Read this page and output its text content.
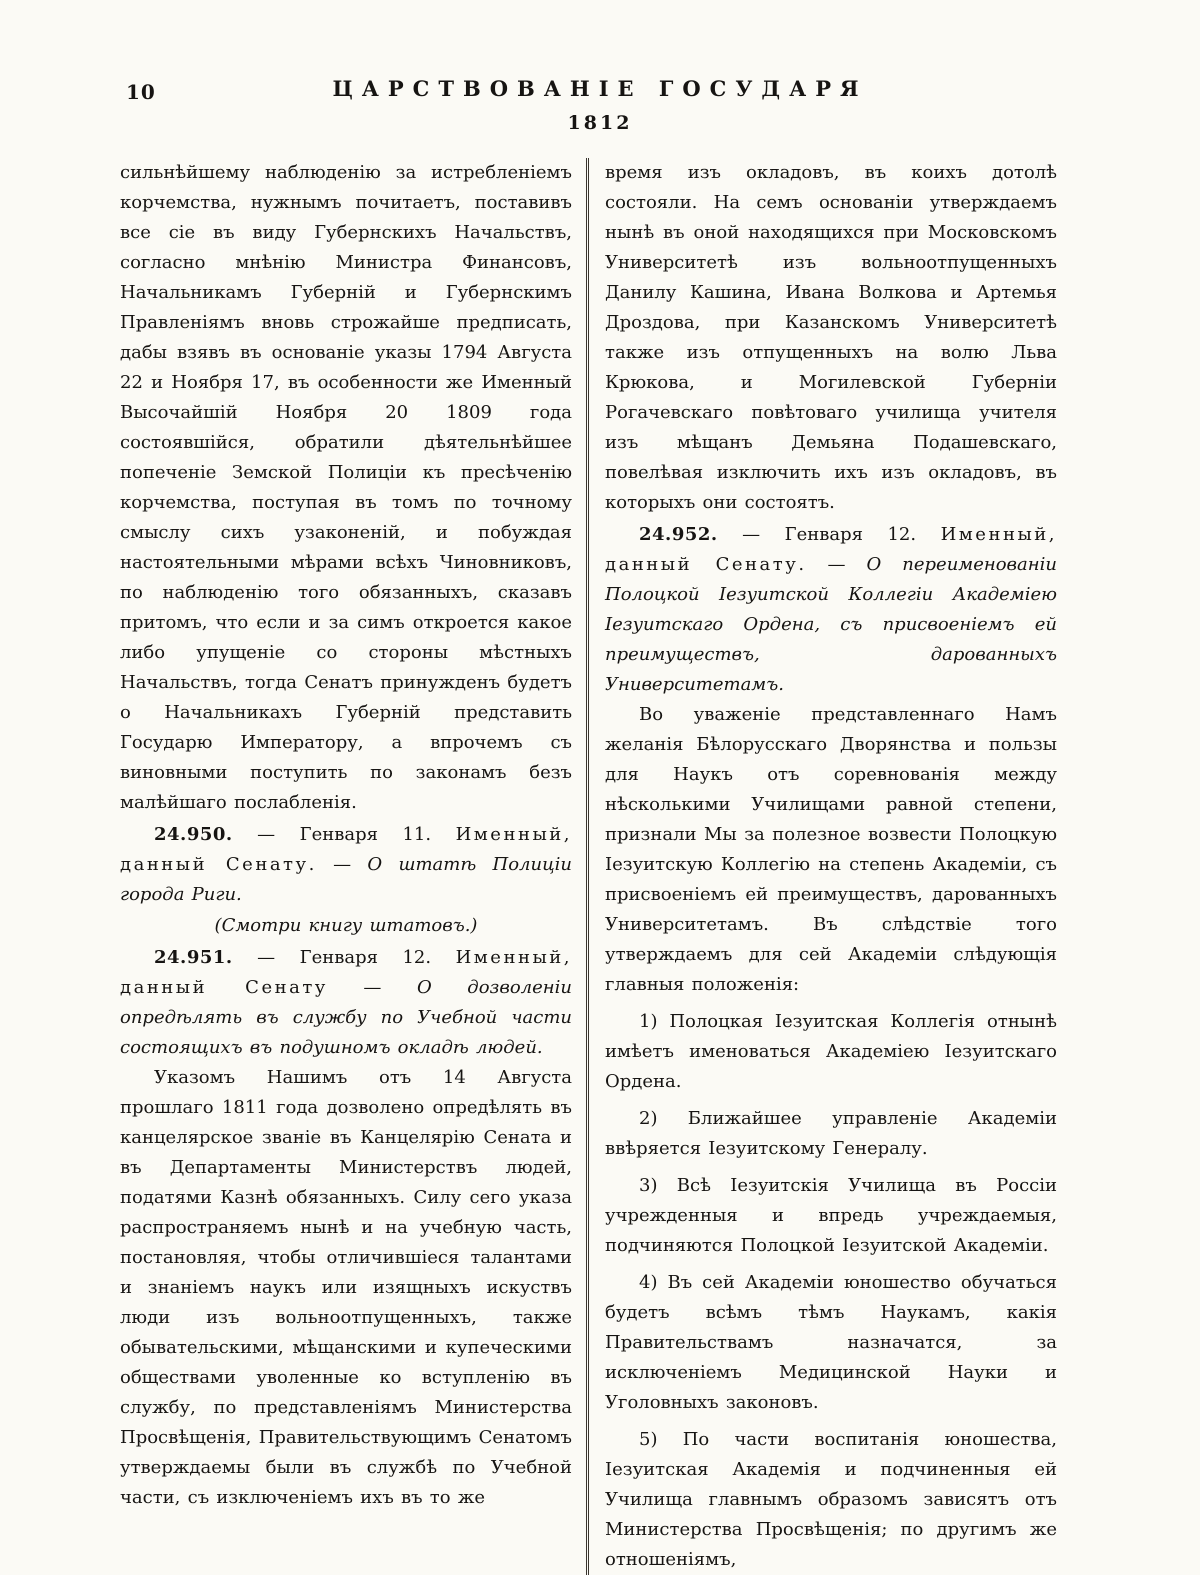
10	ЦАРСТВОВАНІЕ ГОСУДАРЯ
1812

сильнѣйшему наблюденію за истребленіемъ корчемства, нужнымъ почитаетъ, поставивъ все сіе въ виду Губернскихъ Начальствъ, согласно мнѣнію Министра Финансовъ, Начальникамъ Губерній и Губернскимъ Правленіямъ вновь строжайше предписать, дабы взявъ въ основаніе указы 1794 Августа 22 и Ноября 17, въ особенности же Именный Высочайшій Ноября 20 1809 года состоявшійся, обратили дѣятельнѣйшее попеченіе Земской Полиціи къ пресѣченію корчемства, поступая въ томъ по точному смыслу сихъ узаконеній, и побуждая настоятельными мѣрами всѣхъ Чиновниковъ, по наблюденію того обязанныхъ, сказавъ притомъ, что если и за симъ откроется какое либо упущеніе со стороны мѣстныхъ Начальствъ, тогда Сенатъ принужденъ будетъ о Начальникахъ Губерній представить Государю Императору, а впрочемъ съ виновными поступить по законамъ безъ малѣйшаго послабленія.

24.950. — Генваря 11. Именный, данный Сенату. — О штатѣ Полиціи города Риги.

(Смотри книгу штатовъ.)

24.951. — Генваря 12. Именный, данный Сенату — О дозволеніи опредѣлять въ службу по Учебной части состоящихъ въ подушномъ окладѣ людей.

Указомъ Нашимъ отъ 14 Августа прошлаго 1811 года дозволено опредѣлять въ канцелярское званіе въ Канцелярію Сената и въ Департаменты Министерствъ людей, податями Казнѣ обязанныхъ. Силу сего указа распространяемъ нынѣ и на учебную часть, постановляя, чтобы отличившіеся талантами и знаніемъ наукъ или изящныхъ искуствъ люди изъ вольноотпущенныхъ, также обывательскими, мѣщанскими и купеческими обществами уволенные ко вступленію въ службу, по представленіямъ Министерства Просвѣщенія, Правительствующимъ Сенатомъ утверждаемы были въ службѣ по Учебной части, съ изключеніемъ ихъ въ то же

время изъ окладовъ, въ коихъ дотолѣ состояли. На семъ основаніи утверждаемъ нынѣ въ оной находящихся при Московскомъ Университетѣ изъ вольноотпущенныхъ Данилу Кашина, Ивана Волкова и Артемья Дроздова, при Казанскомъ Университетѣ также изъ отпущенныхъ на волю Льва Крюкова, и Могилевской Губерніи Рогачевскаго повѣтоваго училища учителя изъ мѣщанъ Демьяна Подашевскаго, повелѣвая изключить ихъ изъ окладовъ, въ которыхъ они состоятъ.

24.952. — Генваря 12. Именный, данный Сенату. — О переименованіи Полоцкой Іезуитской Коллегіи Академіею Іезуитскаго Ордена, съ присвоеніемъ ей преимуществъ, дарованныхъ Университетамъ.

Во уваженіе представленнаго Намъ желанія Бѣлорусскаго Дворянства и пользы для Наукъ отъ соревнованія между нѣсколькими Училищами равной степени, признали Мы за полезное возвести Полоцкую Іезуитскую Коллегію на степень Академіи, съ присвоеніемъ ей преимуществъ, дарованныхъ Университетамъ. Въ слѣдствіе того утверждаемъ для сей Академіи слѣдующія главныя положенія:

1) Полоцкая Іезуитская Коллегія отнынѣ имѣетъ именоваться Академіею Іезуитскаго Ордена.

2) Ближайшее управленіе Академіи ввѣряется Іезуитскому Генералу.

3) Всѣ Іезуитскія Училища въ Россіи учрежденныя и впредь учреждаемыя, подчиняются Полоцкой Іезуитской Академіи.

4) Въ сей Академіи юношество обучаться будетъ всѣмъ тѣмъ Наукамъ, какія Правительствамъ назначатся, за исключеніемъ Медицинской Науки и Уголовныхъ законовъ.

5) По части воспитанія юношества, Іезуитская Академія и подчиненныя ей Училища главнымъ образомъ зависятъ отъ Министерства Просвѣщенія; по другимъ же отношеніямъ,
